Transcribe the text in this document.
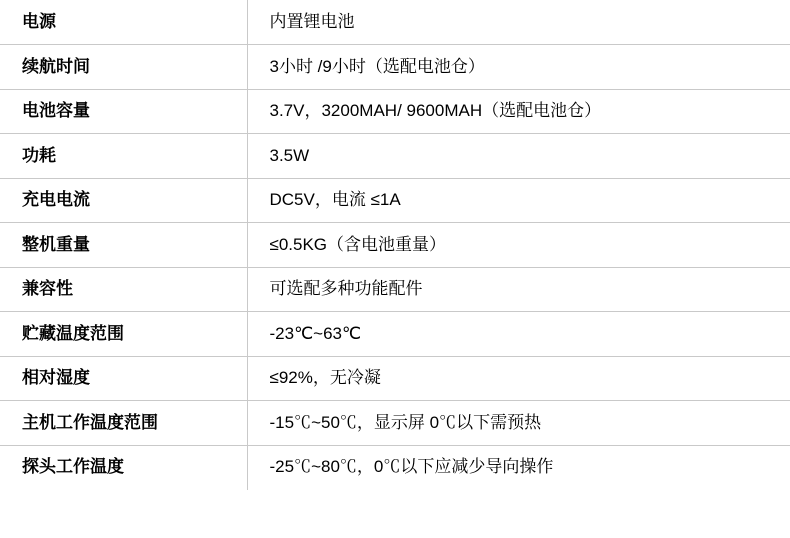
电源	内置锂电池
续航时间	3小时 /9小时（选配电池仓）
电池容量	3.7V，3200MAH/ 9600MAH（选配电池仓）
功耗	3.5W
充电电流	DC5V，电流 ≤1A
整机重量	≤0.5KG（含电池重量）
兼容性	可选配多种功能配件
贮藏温度范围	-23℃~63℃
相对湿度	≤92%，无冷凝
主机工作温度范围	-15℃~50℃，显示屏 0℃以下需预热
探头工作温度	-25℃~80℃，0℃以下应减少导向操作
